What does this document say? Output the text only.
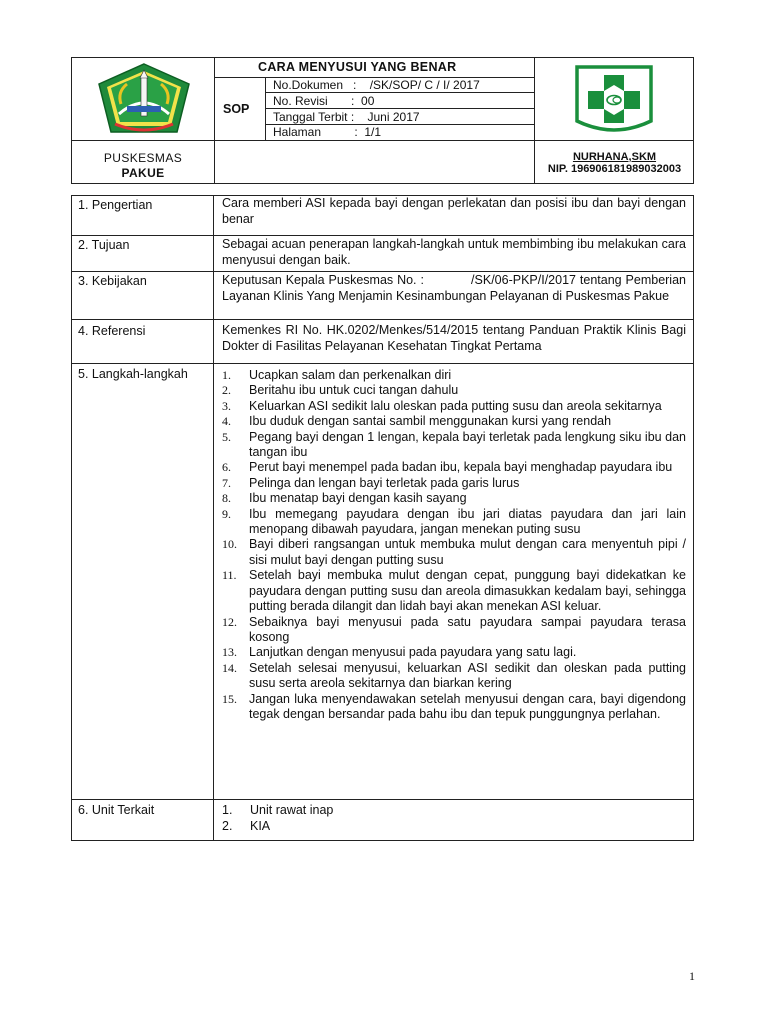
CARA MENYUSUI YANG BENAR
SOP
No.Dokumen   :    /SK/SOP/ C / I/ 2017
No. Revisi       :  00
Tanggal Terbit :    Juni 2017
Halaman          :  1/1
PUSKESMAS
PAKUE
NURHANA,SKM
NIP. 196906181989032003
1. Pengertian	Cara memberi ASI kepada bayi dengan perlekatan dan posisi ibu dan bayi dengan benar
2. Tujuan	Sebagai acuan penerapan langkah-langkah untuk membimbing ibu melakukan cara menyusui dengan baik.
3. Kebijakan	Keputusan Kepala Puskesmas No. :            /SK/06-PKP/I/2017 tentang Pemberian Layanan Klinis Yang Menjamin Kesinambungan Pelayanan di Puskesmas Pakue
4. Referensi	Kemenkes RI No. HK.0202/Menkes/514/2015 tentang Panduan Praktik Klinis Bagi Dokter di Fasilitas Pelayanan Kesehatan Tingkat Pertama
5. Langkah-langkah	1. Ucapkan salam dan perkenalkan diri
2. Beritahu ibu untuk cuci tangan dahulu
3. Keluarkan ASI sedikit lalu oleskan pada putting susu dan areola sekitarnya
4. Ibu duduk dengan santai sambil menggunakan kursi yang rendah
5. Pegang bayi dengan 1 lengan, kepala bayi terletak pada lengkung siku ibu dan tangan ibu
6. Perut bayi menempel pada badan ibu, kepala bayi menghadap payudara ibu
7. Pelinga dan lengan bayi terletak pada garis lurus
8. Ibu menatap bayi dengan kasih sayang
9. Ibu memegang payudara dengan ibu jari diatas payudara dan jari lain menopang dibawah payudara, jangan menekan puting susu
10. Bayi diberi rangsangan untuk membuka mulut dengan cara menyentuh pipi / sisi mulut bayi dengan putting susu
11. Setelah bayi membuka mulut dengan cepat, punggung bayi didekatkan ke payudara dengan putting susu dan areola dimasukkan kedalam bayi, sehingga putting berada dilangit dan lidah bayi akan menekan ASI keluar.
12. Sebaiknya bayi menyusui pada satu payudara sampai payudara terasa kosong
13. Lanjutkan dengan menyusui pada payudara yang satu lagi.
14. Setelah selesai menyusui, keluarkan ASI sedikit dan oleskan pada putting susu serta areola sekitarnya dan biarkan kering
15. Jangan luka menyendawakan setelah menyusui dengan cara, bayi digendong tegak dengan bersandar pada bahu ibu dan tepuk punggungnya perlahan.
6. Unit Terkait	1. Unit rawat inap
2. KIA
1
